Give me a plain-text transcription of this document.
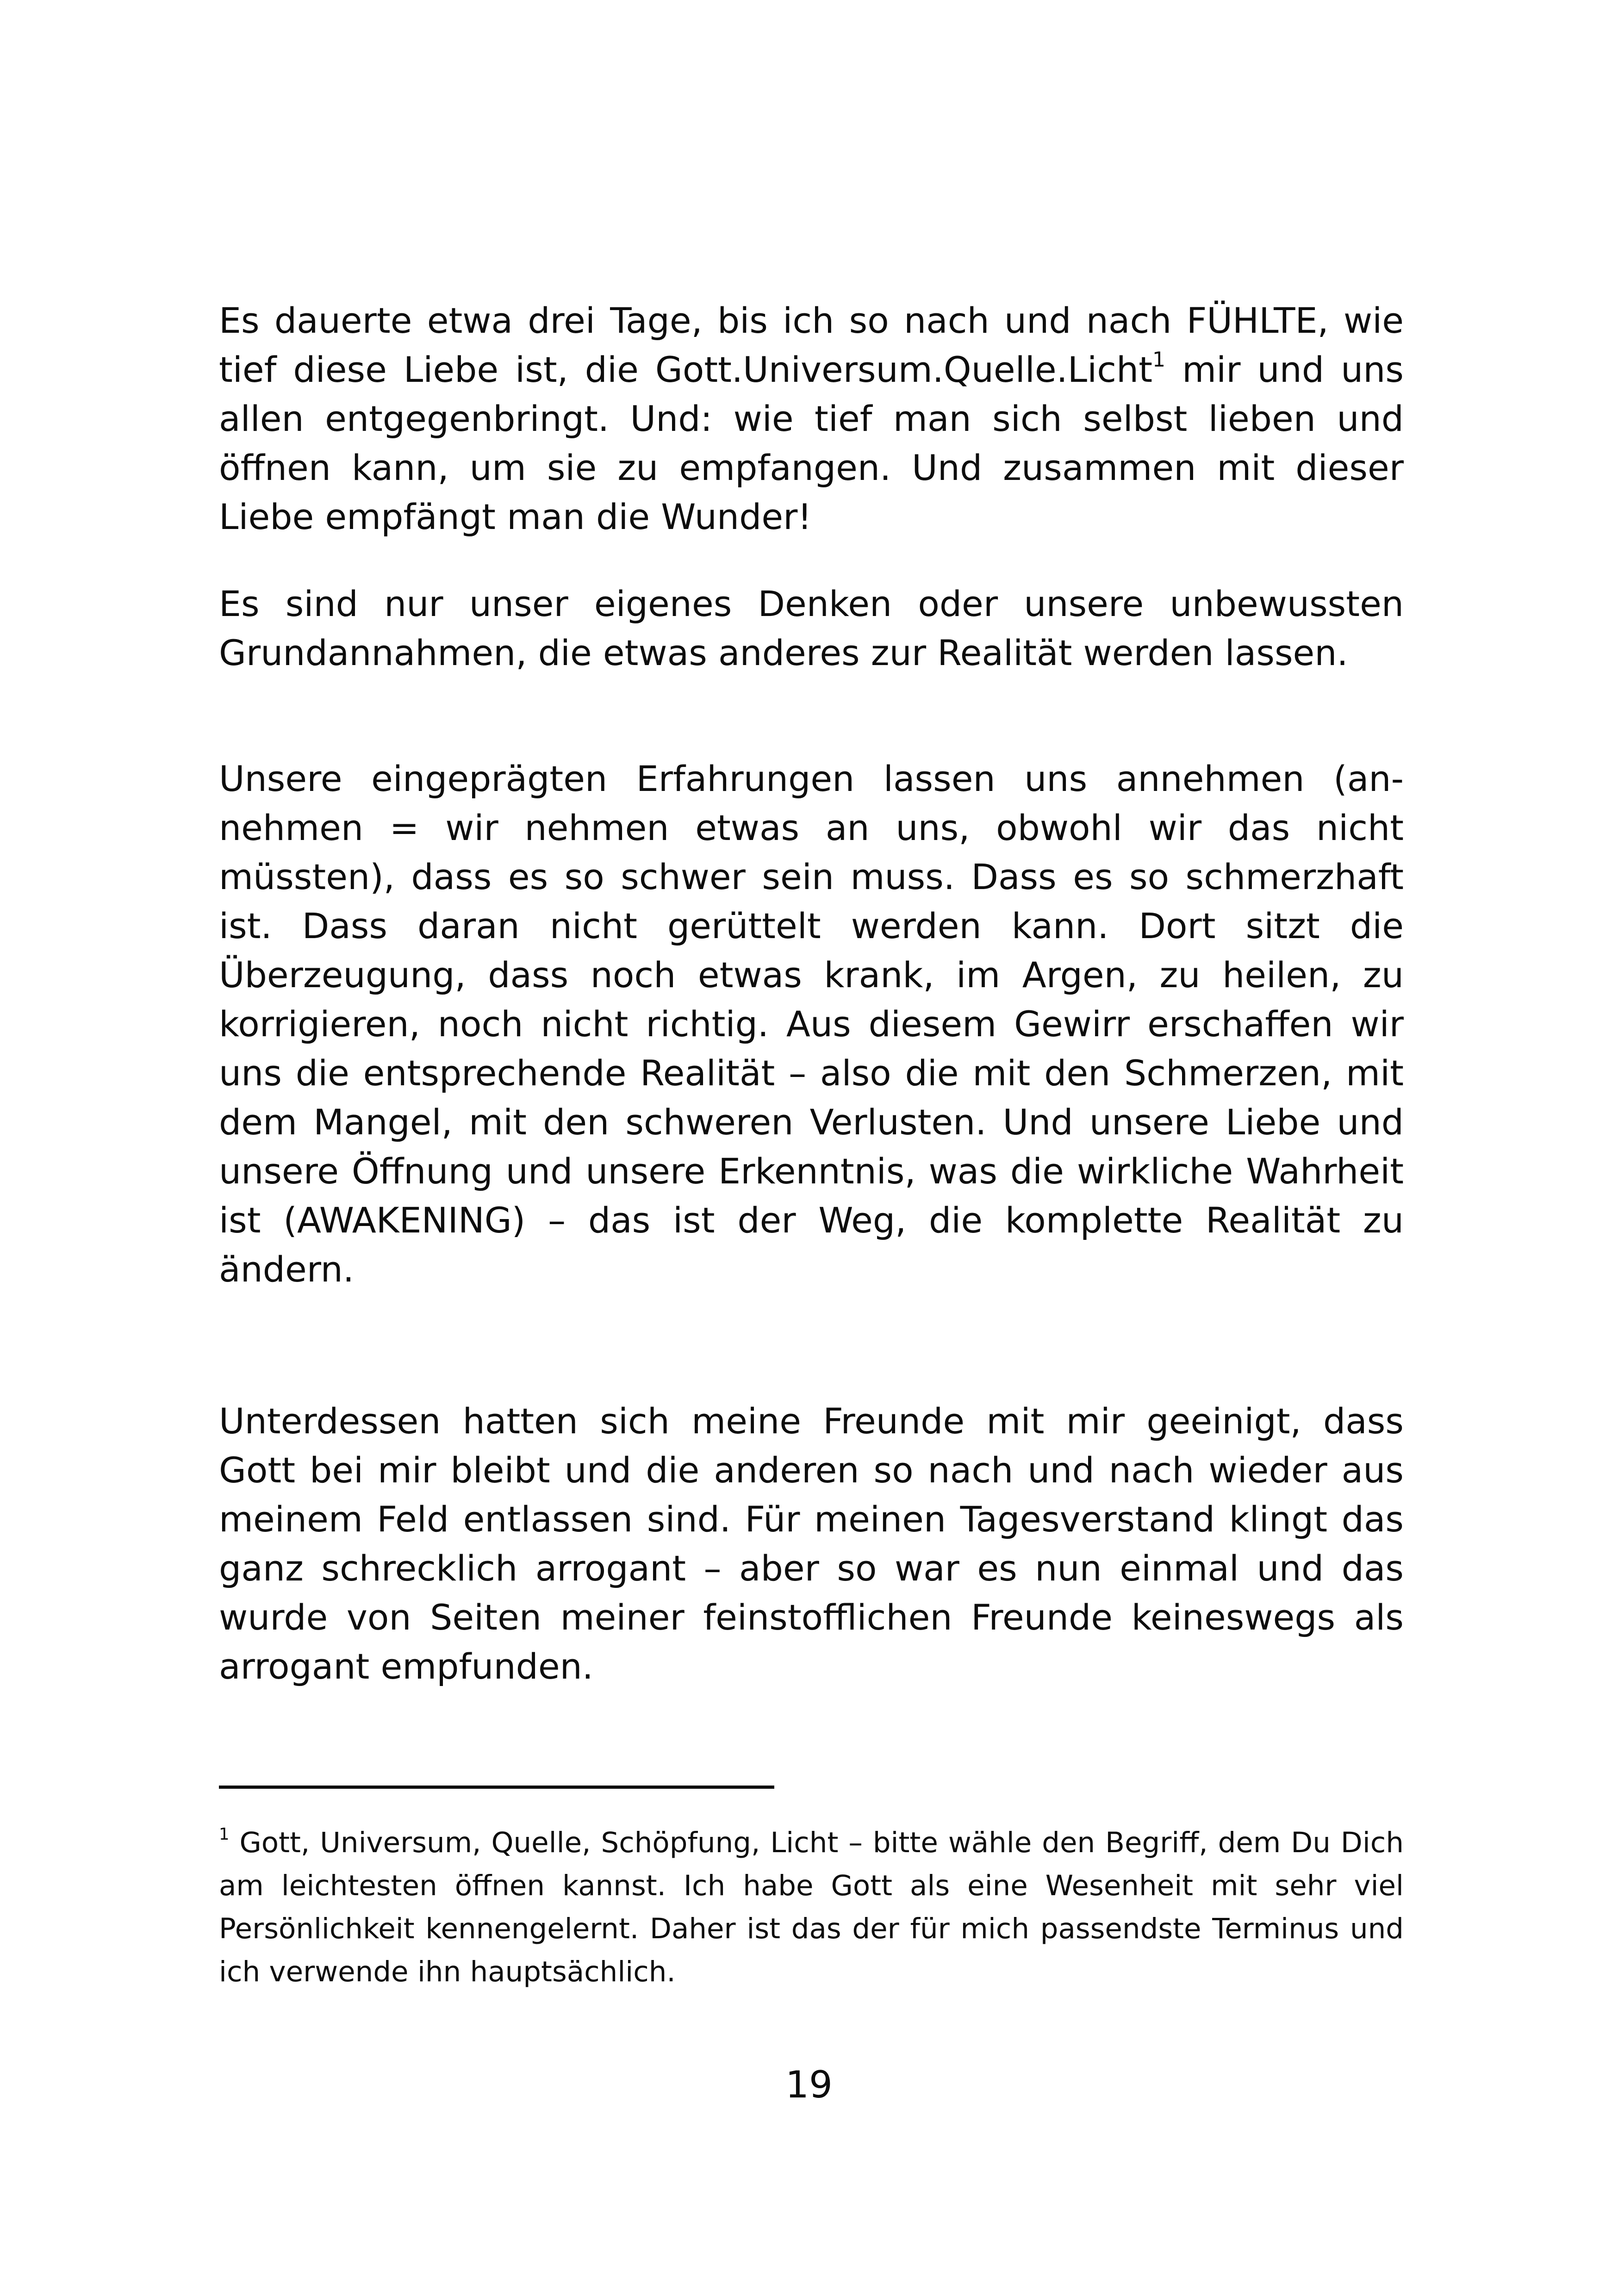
Es dauerte etwa drei Tage, bis ich so nach und nach FÜHLTE, wie tief diese Liebe ist, die Gott.Universum.Quelle.Licht$^1$ mir und uns allen entgegenbringt. Und: wie tief man sich selbst lieben und öffnen kann, um sie zu empfangen. Und zusammen mit dieser Liebe empfängt man die Wunder!

Es sind nur unser eigenes Denken oder unsere unbewussten Grundannahmen, die etwas anderes zur Realität werden lassen.

Unsere eingeprägten Erfahrungen lassen uns annehmen (an-nehmen = wir nehmen etwas an uns, obwohl wir das nicht müssten), dass es so schwer sein muss. Dass es so schmerzhaft ist. Dass daran nicht gerüttelt werden kann. Dort sitzt die Überzeugung, dass noch etwas krank, im Argen, zu heilen, zu korrigieren, noch nicht richtig. Aus diesem Gewirr erschaffen wir uns die entsprechende Realität – also die mit den Schmerzen, mit dem Mangel, mit den schweren Verlusten. Und unsere Liebe und unsere Öffnung und unsere Erkenntnis, was die wirkliche Wahrheit ist (AWAKENING) – das ist der Weg, die komplette Realität zu ändern.

Unterdessen hatten sich meine Freunde mit mir geeinigt, dass Gott bei mir bleibt und die anderen so nach und nach wieder aus meinem Feld entlassen sind. Für meinen Tagesverstand klingt das ganz schrecklich arrogant – aber so war es nun einmal und das wurde von Seiten meiner feinstofflichen Freunde keineswegs als arrogant empfunden.

$^1$ Gott, Universum, Quelle, Schöpfung, Licht – bitte wähle den Begriff, dem Du Dich am leichtesten öffnen kannst. Ich habe Gott als eine Wesenheit mit sehr viel Persönlichkeit kennengelernt. Daher ist das der für mich passendste Terminus und ich verwende ihn hauptsächlich.

19
